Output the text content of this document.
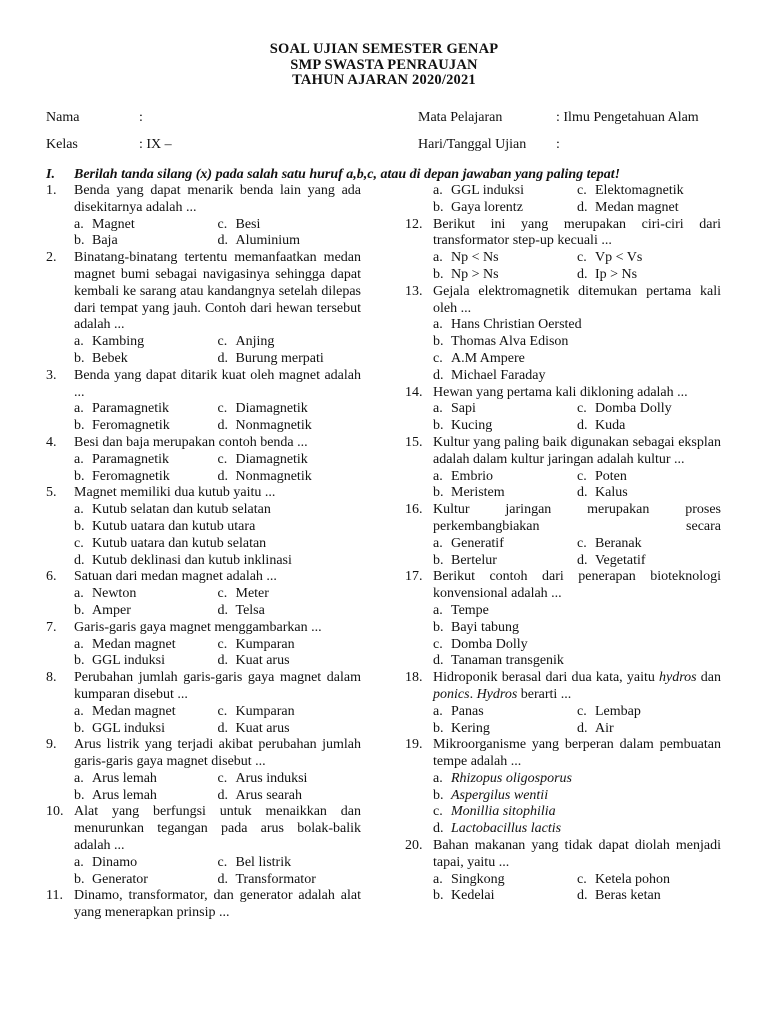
SOAL UJIAN SEMESTER GENAP
SMP SWASTA PENRAUJAN
TAHUN AJARAN 2020/2021
Nama	:
Kelas	: IX –
Mata Pelajaran	: Ilmu Pengetahuan Alam
Hari/Tanggal Ujian :
I. Berilah tanda silang (x) pada salah satu huruf a,b,c, atau di depan jawaban yang paling tepat!
1. Benda yang dapat menarik benda lain yang ada disekitarnya adalah ...
a. Magnet	c. Besi
b. Baja	d. Aluminium
2. Binatang-binatang tertentu memanfaatkan medan magnet bumi sebagai navigasinya sehingga dapat kembali ke sarang atau kandangnya setelah dilepas dari tempat yang jauh. Contoh dari hewan tersebut adalah ...
a. Kambing	c. Anjing
b. Bebek	d. Burung merpati
3. Benda yang dapat ditarik kuat oleh magnet adalah ...
a. Paramagnetik	c. Diamagnetik
b. Feromagnetik	d. Nonmagnetik
4. Besi dan baja merupakan contoh benda ...
a. Paramagnetik	c. Diamagnetik
b. Feromagnetik	d. Nonmagnetik
5. Magnet memiliki dua kutub yaitu ...
a. Kutub selatan dan kutub selatan
b. Kutub uatara dan kutub utara
c. Kutub uatara dan kutub selatan
d. Kutub deklinasi dan kutub inklinasi
6. Satuan dari medan magnet adalah ...
a. Newton	c. Meter
b. Amper	d. Telsa
7. Garis-garis gaya magnet menggambarkan ...
a. Medan magnet	c. Kumparan
b. GGL induksi	d. Kuat arus
8. Perubahan jumlah garis-garis gaya magnet dalam kumparan disebut ...
a. Medan magnet	c. Kumparan
b. GGL induksi	d. Kuat arus
9. Arus listrik yang terjadi akibat perubahan jumlah garis-garis gaya magnet disebut ...
a. Arus lemah	c. Arus induksi
b. Arus lemah	d. Arus searah
10. Alat yang berfungsi untuk menaikkan dan menurunkan tegangan pada arus bolak-balik adalah ...
a. Dinamo	c. Bel listrik
b. Generator	d. Transformator
11. Dinamo, transformator, dan generator adalah alat yang menerapkan prinsip ...
a. GGL induksi	c. Elektomagnetik
b. Gaya lorentz	d. Medan magnet
12. Berikut ini yang merupakan ciri-ciri dari transformator step-up kecuali ...
a. Np < Ns	c. Vp < Vs
b. Np > Ns	d. Ip > Ns
13. Gejala elektromagnetik ditemukan pertama kali oleh ...
a. Hans Christian Oersted
b. Thomas Alva Edison
c. A.M Ampere
d. Michael Faraday
14. Hewan yang pertama kali dikloning adalah ...
a. Sapi	c. Domba Dolly
b. Kucing	d. Kuda
15. Kultur yang paling baik digunakan sebagai eksplan adalah dalam kultur jaringan adalah kultur ...
a. Embrio	c. Poten
b. Meristem	d. Kalus
16. Kultur jaringan merupakan proses perkembangbiakan secara
a. Generatif	c. Beranak
b. Bertelur	d. Vegetatif
17. Berikut contoh dari penerapan bioteknologi konvensional adalah ...
a. Tempe
b. Bayi tabung
c. Domba Dolly
d. Tanaman transgenik
18. Hidroponik berasal dari dua kata, yaitu hydros dan ponics. Hydros berarti ...
a. Panas	c. Lembap
b. Kering	d. Air
19. Mikroorganisme yang berperan dalam pembuatan tempe adalah ...
a. Rhizopus oligosporus
b. Aspergilus wentii
c. Monillia sitophilia
d. Lactobacillus lactis
20. Bahan makanan yang tidak dapat diolah menjadi tapai, yaitu ...
a. Singkong	c. Ketela pohon
b. Kedelai	d. Beras ketan
